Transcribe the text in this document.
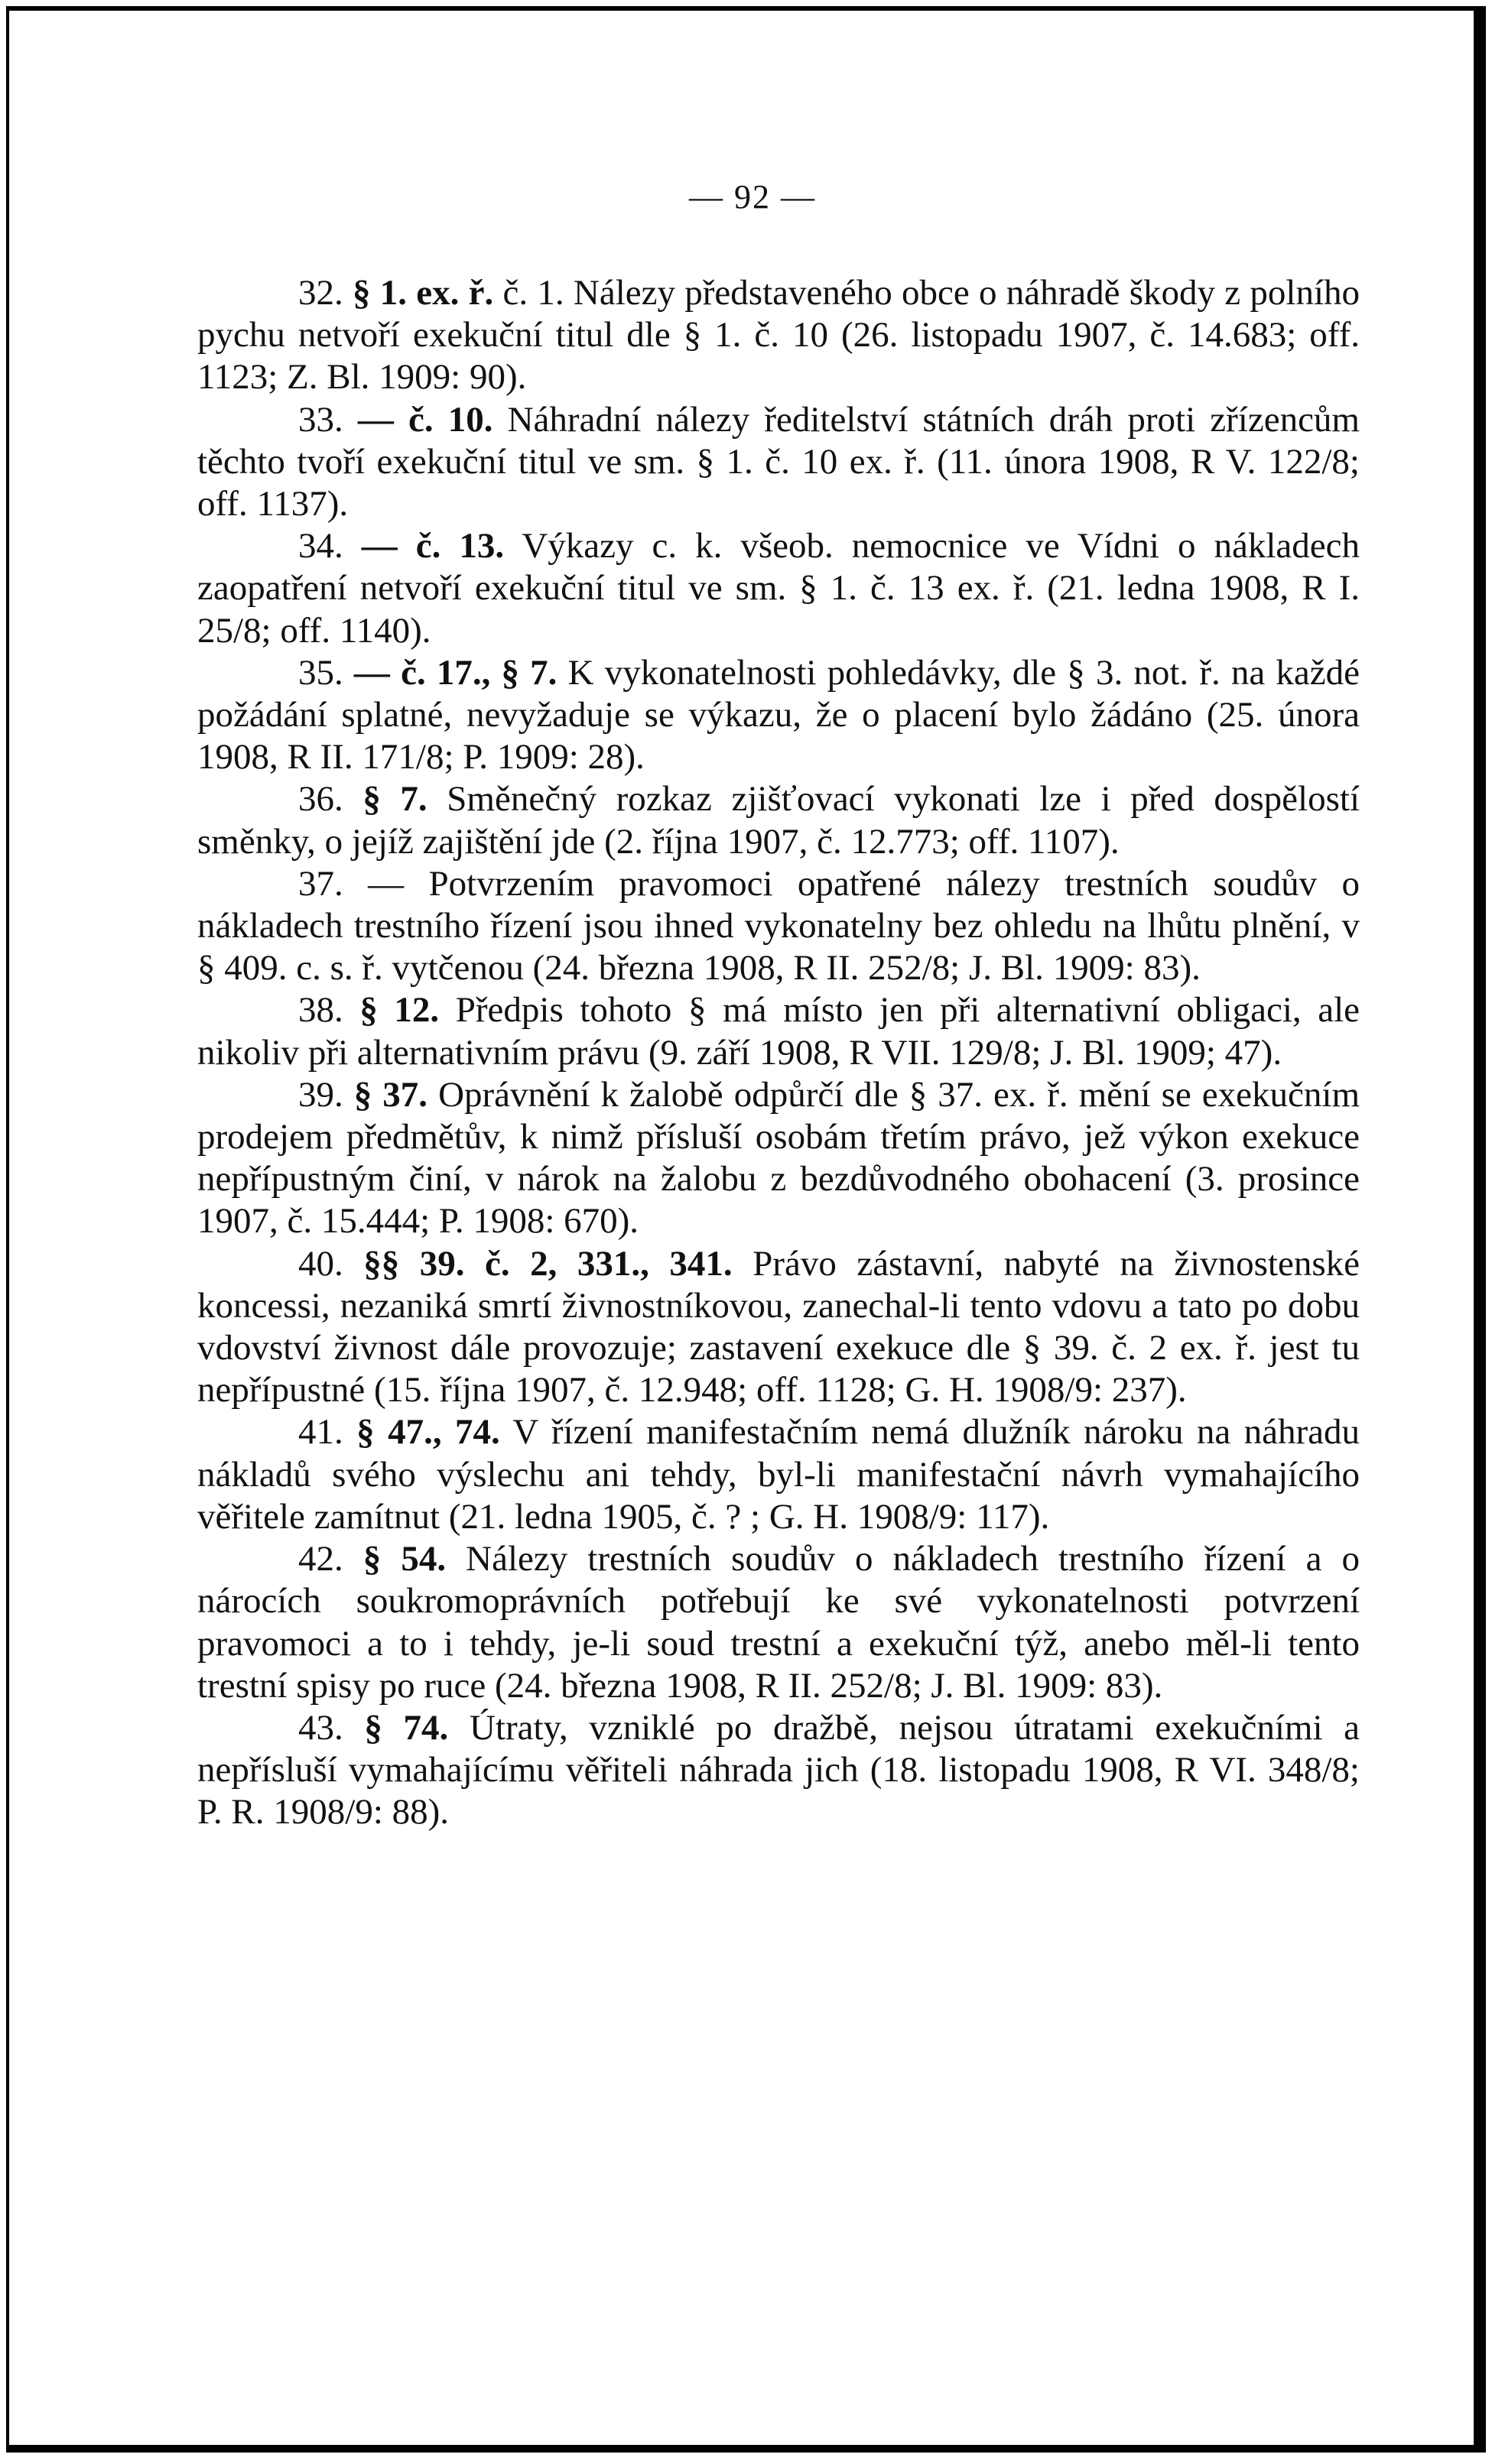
— 92 —

32. § 1. ex. ř. č. 1. Nálezy představeného obce o náhradě škody z polního pychu netvoří exekuční titul dle § 1. č. 10 (26. listopadu 1907, č. 14.683; off. 1123; Z. Bl. 1909: 90).

33. — č. 10. Náhradní nálezy ředitelství státních dráh proti zřízencům těchto tvoří exekuční titul ve sm. § 1. č. 10 ex. ř. (11. února 1908, R V. 122/8; off. 1137).

34. — č. 13. Výkazy c. k. všeob. nemocnice ve Vídni o nákladech zaopatření netvoří exekuční titul ve sm. § 1. č. 13 ex. ř. (21. ledna 1908, R I. 25/8; off. 1140).

35. — č. 17., § 7. K vykonatelnosti pohledávky, dle § 3. not. ř. na každé požádání splatné, nevyžaduje se výkazu, že o placení bylo žádáno (25. února 1908, R II. 171/8; P. 1909: 28).

36. § 7. Směnečný rozkaz zjišťovací vykonati lze i před dospělostí směnky, o jejíž zajištění jde (2. října 1907, č. 12.773; off. 1107).

37. — Potvrzením pravomoci opatřené nálezy trestních soudův o nákladech trestního řízení jsou ihned vykonatelny bez ohledu na lhůtu plnění, v § 409. c. s. ř. vytčenou (24. března 1908, R II. 252/8; J. Bl. 1909: 83).

38. § 12. Předpis tohoto § má místo jen při alternativní obligaci, ale nikoliv při alternativním právu (9. září 1908, R VII. 129/8; J. Bl. 1909; 47).

39. § 37. Oprávnění k žalobě odpůrčí dle § 37. ex. ř. mění se exekučním prodejem předmětův, k nimž přísluší osobám třetím právo, jež výkon exekuce nepřípustným činí, v nárok na žalobu z bezdůvodného obohacení (3. prosince 1907, č. 15.444; P. 1908: 670).

40. §§ 39. č. 2, 331., 341. Právo zástavní, nabyté na živnostenské koncessi, nezaniká smrtí živnostníkovou, zanechal-li tento vdovu a tato po dobu vdovství živnost dále provozuje; zastavení exekuce dle § 39. č. 2 ex. ř. jest tu nepřípustné (15. října 1907, č. 12.948; off. 1128; G. H. 1908/9: 237).

41. § 47., 74. V řízení manifestačním nemá dlužník nároku na náhradu nákladů svého výslechu ani tehdy, byl-li manifestační návrh vymahajícího věřitele zamítnut (21. ledna 1905, č. ? ; G. H. 1908/9: 117).

42. § 54. Nálezy trestních soudův o nákladech trestního řízení a o nárocích soukromoprávních potřebují ke své vykonatelnosti potvrzení pravomoci a to i tehdy, je-li soud trestní a exekuční týž, anebo měl-li tento trestní spisy po ruce (24. března 1908, R II. 252/8; J. Bl. 1909: 83).

43. § 74. Útraty, vzniklé po dražbě, nejsou útratami exekučními a nepřísluší vymahajícímu věřiteli náhrada jich (18. listopadu 1908, R VI. 348/8; P. R. 1908/9: 88).
